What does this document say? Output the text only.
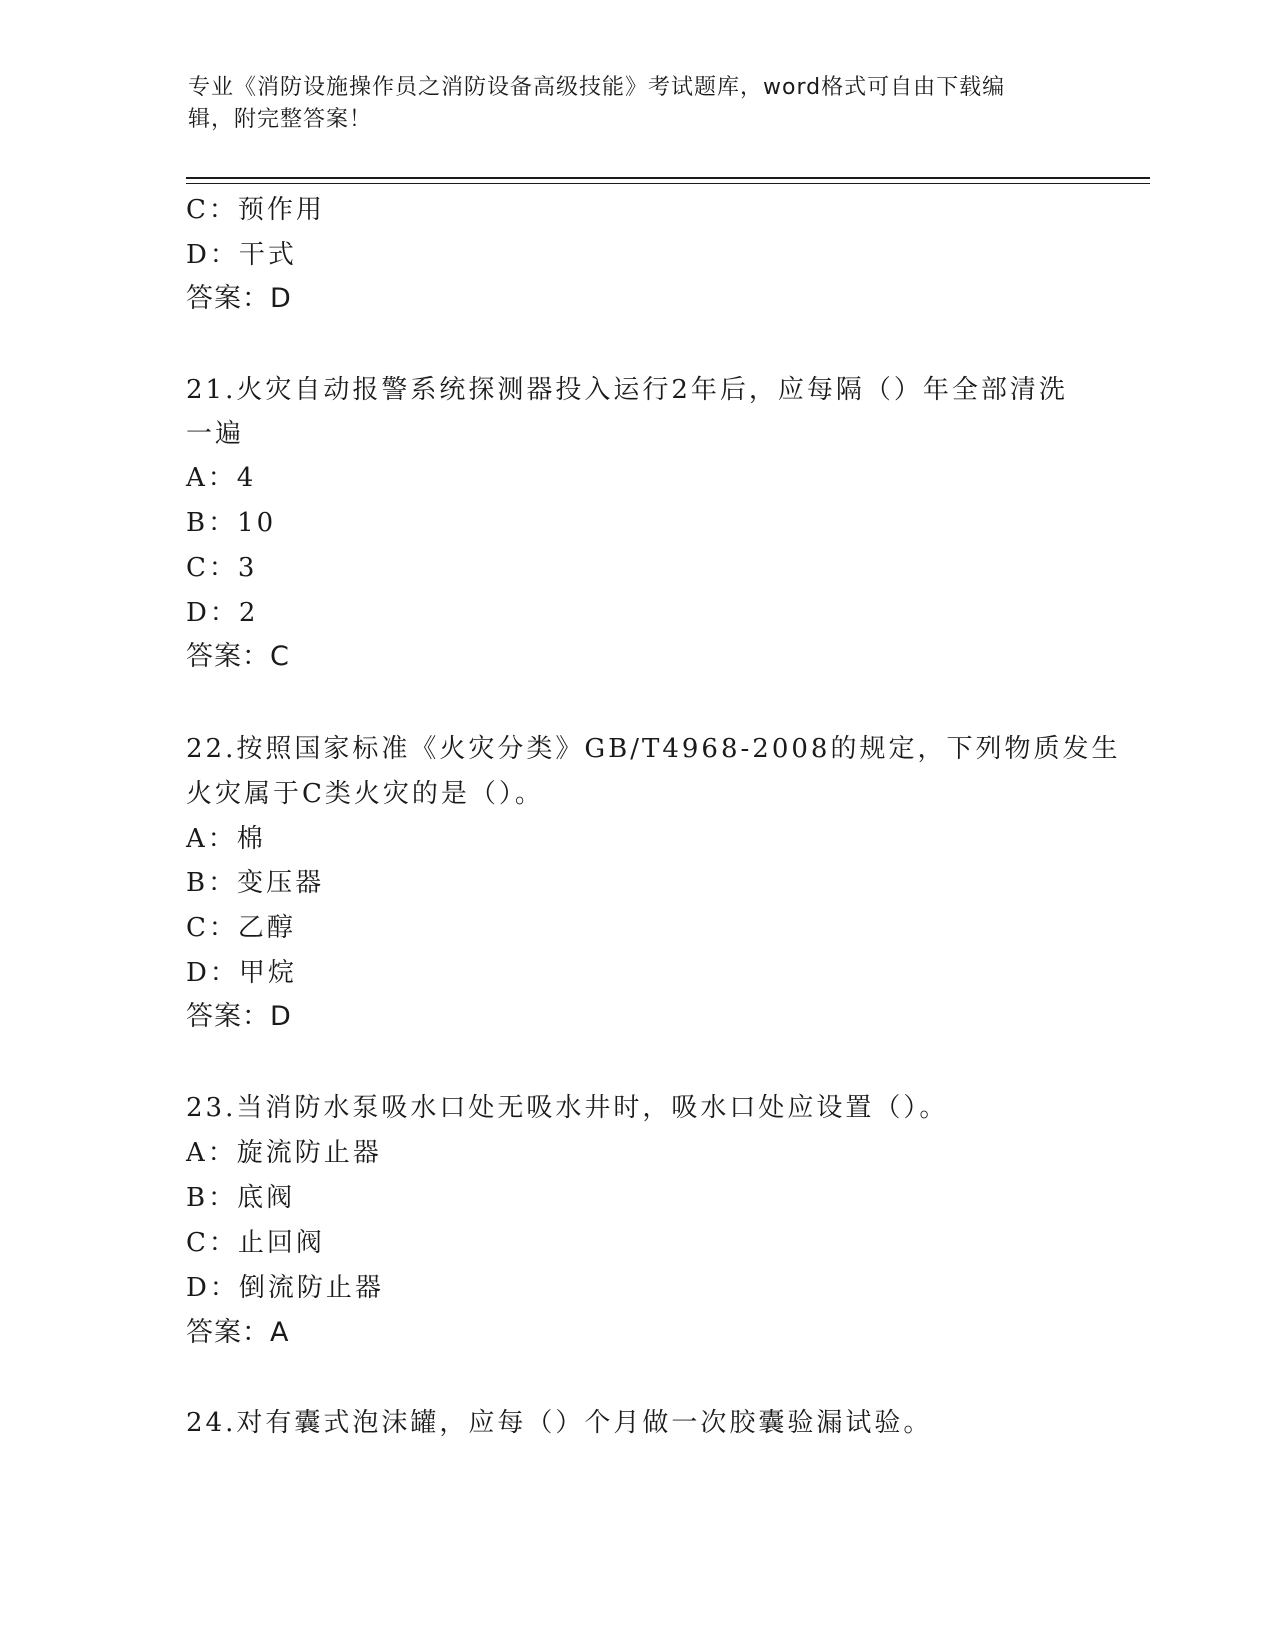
专业《消防设施操作员之消防设备高级技能》考试题库，word格式可自由下载编
辑，附完整答案！
C：预作用
D：干式
答案：D
21.火灾自动报警系统探测器投入运行2年后，应每隔（）年全部清洗
一遍
A：4
B：10
C：3
D：2
答案：C
22.按照国家标准《火灾分类》GB/T4968-2008的规定，下列物质发生
火灾属于C类火灾的是（）。
A：棉
B：变压器
C：乙醇
D：甲烷
答案：D
23.当消防水泵吸水口处无吸水井时，吸水口处应设置（）。
A：旋流防止器
B：底阀
C：止回阀
D：倒流防止器
答案：A
24.对有囊式泡沫罐，应每（）个月做一次胶囊验漏试验。
